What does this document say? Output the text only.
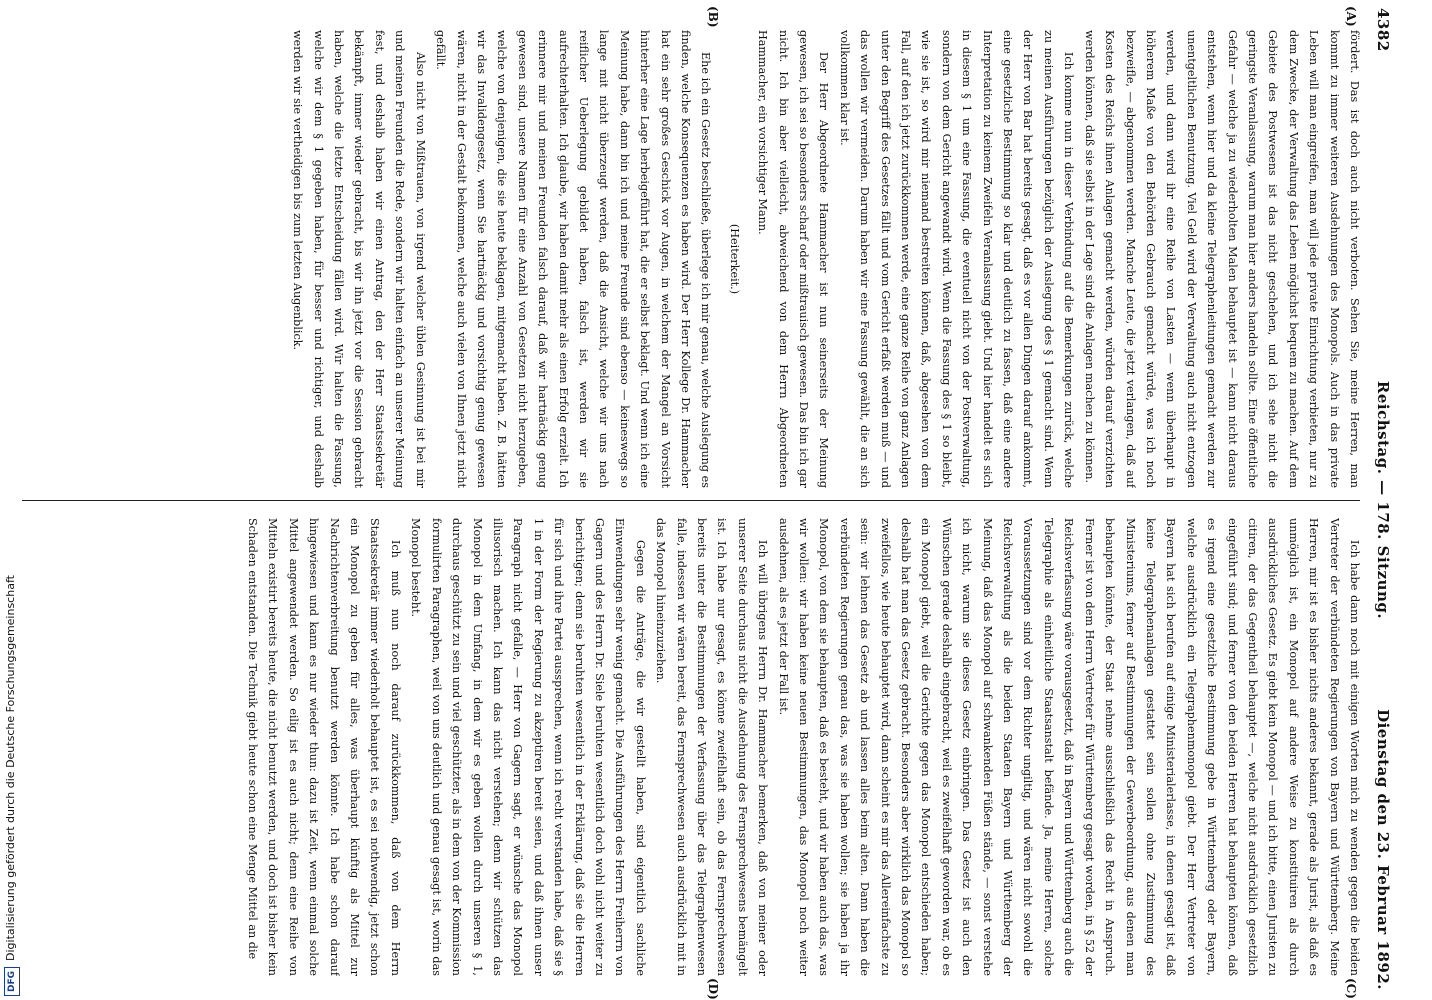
4382
Reichstag. — 178. Sitzung.
Dienstag den 23. Februar 1892.
(A)
(B)
(C)
(D)

fördert. Das ist doch auch nicht verboten. Sehen Sie, meine Herren, man kommt zu immer weiteren Ausdehnungen des Monopols. Auch in das private Leben will man eingreifen, man will jede private Einrichtung verbieten, nur zu dem Zwecke, der Verwaltung das Leben möglichst bequem zu machen. Auf dem Gebiete des Postwesens ist das nicht geschehen, und ich sehe nicht die geringste Veranlassung, warum man hier anders handeln sollte. Eine öffentliche Gefahr — welche ja zu wiederholten Malen behauptet ist — kann nicht daraus entstehen, wenn hier und da kleine Telegraphenleitungen gemacht werden zur unentgeltlichen Benutzung. Viel Geld wird der Verwaltung auch nicht entzogen werden, und dann wird ihr eine Reihe von Lasten — wenn überhaupt in höherem Maße von den Behörden Gebrauch gemacht würde, was ich noch bezweifle, — abgenommen werden. Manche Leute, die jetzt verlangen, daß auf Kosten des Reichs ihnen Anlagen gemacht werden, würden darauf verzichten werden können, daß sie selbst in der Lage sind die Anlagen machen zu können.

Ich komme nun in dieser Verbindung auf die Bemerkungen zurück, welche zu meinen Ausführungen bezüglich der Auslegung des § 1 gemacht sind. Wenn der Herr von Bar hat bereits gesagt, daß es vor allen Dingen darauf ankommt, eine gesetzliche Bestimmung so klar und deutlich zu fassen, daß eine andere Interpretation zu keinem Zweifeln Veranlassung giebt. Und hier handelt es sich in diesem § 1 um eine Fassung, die eventuell nicht von der Postverwaltung, sondern von dem Gericht angewandt wird. Wenn die Fassung des § 1 so bleibt, wie sie ist, so wird mir niemand bestreiten können, daß, abgesehen von dem Fall, auf den ich jetzt zurückkommen werde, eine ganze Reihe von ganz Anlagen unter den Begriff des Gesetzes fällt und vom Gericht erfaßt werden muß — und das wollen wir vermeiden. Darum haben wir eine Fassung gewählt, die an sich vollkommen klar ist.

Der Herr Abgeordnete Hammacher ist nun seinerseits der Meinung gewesen, ich sei so besonders scharf oder mißtrauisch gewesen. Das bin ich gar nicht. Ich bin aber vielleicht, abweichend von dem Herrn Abgeordneten Hammacher, ein vorsichtiger Mann.

(Heiterkeit.)

Ehe ich ein Gesetz beschließe, überlege ich mir genau, welche Auslegung es finden, welche Konsequenzen es haben wird. Der Herr Kollege Dr. Hammacher hat ein sehr großes Geschick vor Augen, in welchem der Mangel an Vorsicht hinterher eine Lage herbeigeführt hat, die er selbst beklagt. Und wenn ich eine Meinung habe, dann bin ich und meine Freunde sind ebenso — keineswegs so lange mit nicht überzeugt werden, daß die Ansicht, welche wir uns nach reiflicher Ueberlegung gebildet haben, falsch ist, werden wir sie aufrechterhalten. Ich glaube, wir haben damit mehr als einen Erfolg erzielt. Ich erinnere mir und meinen Freunden falsch darauf, daß wir hartnäckig genug gewesen sind, unsere Namen für eine Anzahl von Gesetzen nicht herzugeben, welche von denjenigen, die sie heute beklagen, mitgemacht haben. Z. B. hätten wir das Invalidengesetz, wenn Sie hartnäckig und vorsichtig genug gewesen wären, nicht in der Gestalt bekommen, welche auch vielen von Ihnen jetzt nicht gefällt.

Also nicht von Mißtrauen, von irgend welcher üblen Gesinnung ist bei mir und meinen Freunden die Rede, sondern wir halten einfach an unserer Meinung fest, und deshalb haben wir einen Antrag, den der Herr Staatssekretär bekämpft, immer wieder gebracht, bis wir ihn jetzt vor die Session gebracht haben, welche die letzte Entscheidung fällen wird. Wir halten die Fassung, welche wir dem § 1 gegeben haben, für besser und richtiger, und deshalb werden wir sie vertheidigen bis zum letzten Augenblick.

Ich habe dann noch mit einigen Worten mich zu wenden gegen die beiden Vertreter der verbündeten Regierungen von Bayern und Württemberg. Meine Herren, mir ist es bisher nichts anderes bekannt, gerade als Jurist, als daß es unmöglich ist, ein Monopol auf andere Weise zu konstituiren als durch ausdrückliches Gesetz. Es giebt kein Monopol — und ich bitte, einen Juristen zu citiren, der das Gegentheil behauptet —, welche nicht ausdrücklich gesetzlich eingeführt sind; und ferner von den beiden Herren hat behaupten können, daß es irgend eine gesetzliche Bestimmung gebe in Württemberg oder Bayern, welche ausdrücklich ein Telegraphenmonopol giebt. Der Herr Vertreter von Bayern hat sich berufen auf einige Ministerialerlasse, in denen gesagt ist, daß keine Telegraphenanlagen gestattet sein sollen ohne Zustimmung des Ministeriums, ferner auf Bestimmungen der Gewerbeordnung, aus denen man behaupten könnte, der Staat nehme ausschließlich das Recht in Anspruch. Ferner ist von dem Herrn Vertreter für Württemberg gesagt worden, in § 52 der Reichsverfassung wäre vorausgesetzt, daß in Bayern und Württemberg auch die Telegraphie als einheitliche Staatsanstalt befände. Ja, meine Herren, solche Voraussetzungen sind vor dem Richter ungiltig, und wären nicht sowohl die Reichsverwaltung als die beiden Staaten Bayern und Württemberg der Meinung, daß das Monopol auf schwankenden Füßen stände, — sonst verstehe ich nicht, warum sie dieses Gesetz einbringen. Das Gesetz ist auch den Wünschen gerade deshalb eingebracht, weil es zweifelhaft geworden war, ob es ein Monopol giebt, weil die Gerichte gegen das Monopol entschieden haben; deshalb hat man das Gesetz gebracht. Besonders aber wirklich das Monopol so zweifellos, wie heute behauptet wird, dann scheint es mir das Allereinfachste zu sein: wir lehnen das Gesetz ab und lassen alles beim alten. Dann haben die verbündeten Regierungen genau das, was sie haben wollen; sie haben ja ihr Monopol, von dem sie behaupten, daß es besteht, und wir haben auch das, was wir wollen: wir haben keine neuen Bestimmungen, das Monopol noch weiter ausdehnen, als es jetzt der Fall ist.

Ich will übrigens Herrn Dr. Hammacher bemerken, daß von meiner oder unserer Seite durchaus nicht die Ausdehnung des Fernsprechwesens bemängelt ist. Ich habe nur gesagt, es könne zweifelhaft sein, ob das Fernsprechwesen bereits unter die Bestimmungen der Verfassung über das Telegraphenwesen falle, indessen wir wären bereit, das Fernsprechwesen auch ausdrücklich mit in das Monopol hineinzuziehen.

Gegen die Anträge, die wir gestellt haben, sind eigentlich sachliche Einwendungen sehr wenig gemacht. Die Ausführungen des Herrn Freiherrn von Gagern und des Herrn Dr. Siele beruhten wesentlich doch wohl nicht weiter zu berichtigen; denn sie beruhten wesentlich in der Erklärung, daß sie die Herren für sich und ihre Partei aussprechen, wenn ich recht verstanden habe, daß sie § 1 in der Form der Regierung zu akzeptiren bereit seien, und daß ihnen unser Paragraph nicht gefalle, — Herr von Gagern sagt, er wünsche das Monopol illusorisch machen. Ich kann das nicht verstehen; denn wir schützen das Monopol in dem Umfang, in dem wir es geben wollen durch unseren § 1, durchaus geschützt zu sein und viel geschützter, als in dem von der Kommission formulirten Paragraphen, weil von uns deutlich und genau gesagt ist, worin das Monopol besteht.

Ich muß nun noch darauf zurückkommen, daß von dem Herrn Staatssekretär immer wiederholt behauptet ist, es sei nothwendig, jetzt schon ein Monopol zu geben für alles, was überhaupt künftig als Mittel zur Nachrichtenverbreitung benutzt werden könnte. Ich habe schon darauf hingewiesen und kann es nur wieder thun: dazu ist Zeit, wenn einmal solche Mittel angewendet werden. So eilig ist es auch nicht; denn eine Reihe von Mitteln existirt bereits heute, die nicht benutzt werden, und doch ist bisher kein Schaden entstanden. Die Technik giebt heute schon eine Menge Mittel an die

DFGDigitalisierung gefördert durch die Deutsche Forschungsgemeinschaft
